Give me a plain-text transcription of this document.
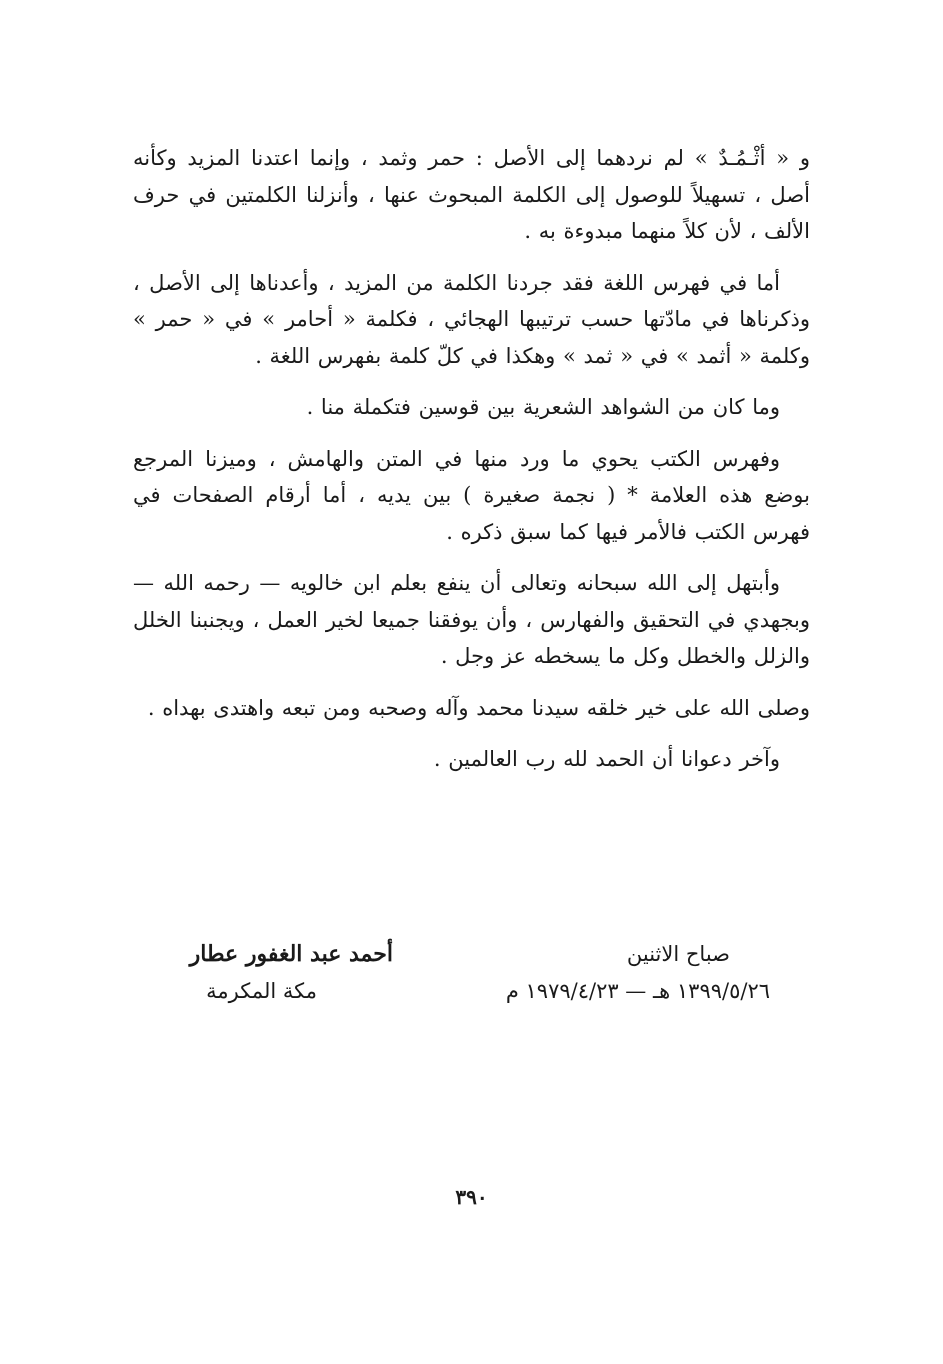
و « أثْـمُـدٌ » لم نردهما إلى الأصل : حمر وثمد ، وإنما اعتدنا المزيد وكأنه أصل ، تسهيلاً للوصول إلى الكلمة المبحوث عنها ، وأنزلنا الكلمتين في حرف الألف ، لأن كلاً منهما مبدوءة به .

أما في فهرس اللغة فقد جردنا الكلمة من المزيد ، وأعدناها إلى الأصل ، وذكرناها في مادّتها حسب ترتيبها الهجائي ، فكلمة « أحامر » في « حمر » وكلمة « أثمد » في « ثمد » وهكذا في كلّ كلمة بفهرس اللغة .

وما كان من الشواهد الشعرية بين قوسين فتكملة منا .

وفهرس الكتب يحوي ما ورد منها في المتن والهامش ، وميزنا المرجع بوضع هذه العلامة * ( نجمة صغيرة ) بين يديه ، أما أرقام الصفحات في فهرس الكتب فالأمر فيها كما سبق ذكره .

وأبتهل إلى الله سبحانه وتعالى أن ينفع بعلم ابن خالويه — رحمه الله — وبجهدي في التحقيق والفهارس ، وأن يوفقنا جميعا لخير العمل ، ويجنبنا الخلل والزلل والخطل وكل ما يسخطه عز وجل .

وصلى الله على خير خلقه سيدنا محمد وآله وصحبه ومن تبعه واهتدى بهداه .

وآخر دعوانا أن الحمد لله رب العالمين .

صباح الاثنين
١٣٩٩/٥/٢٦ هـ — ١٩٧٩/٤/٢٣ م
أحمد عبد الغفور عطار
مكة المكرمة
٣٩٠
